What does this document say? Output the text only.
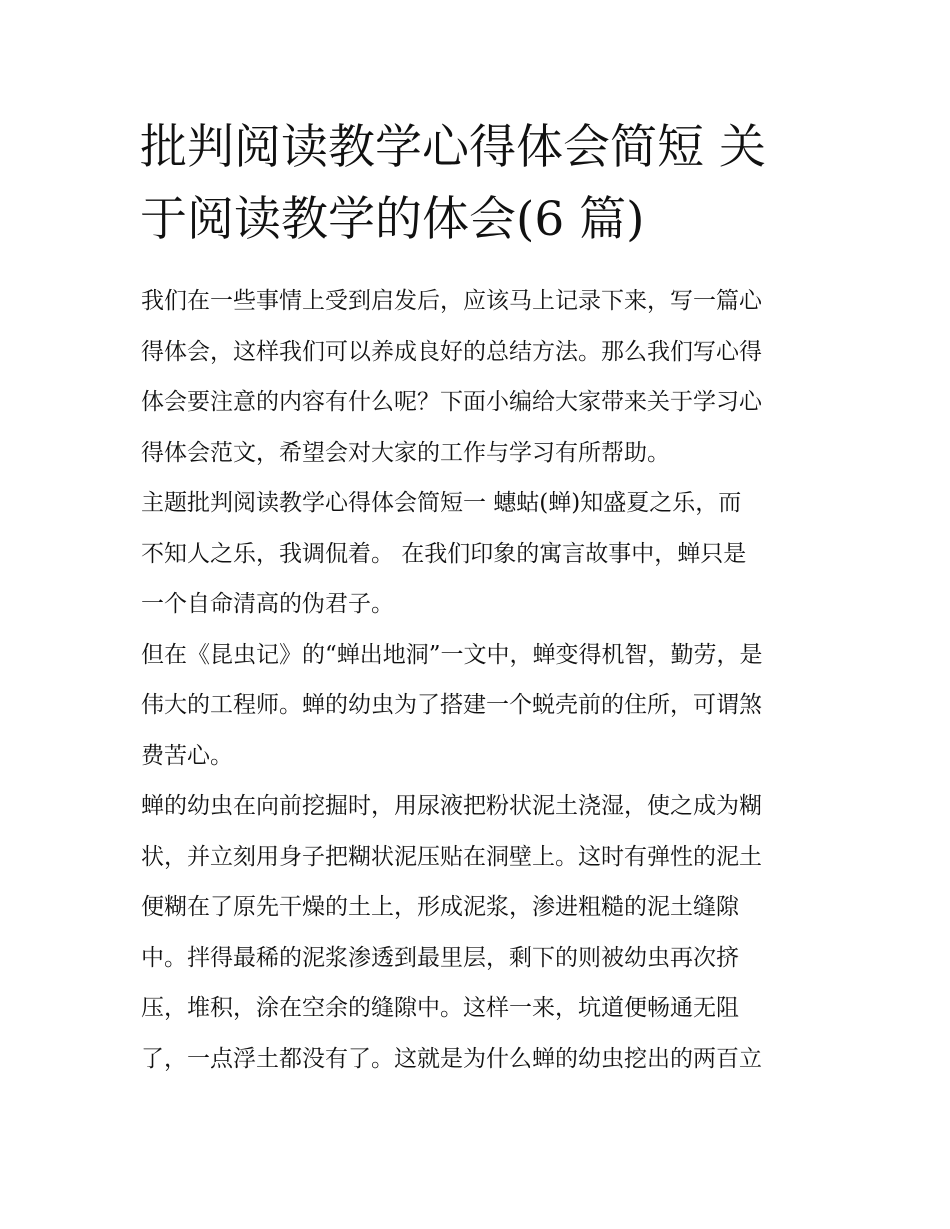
批判阅读教学心得体会简短 关
于阅读教学的体会(6 篇)

我们在一些事情上受到启发后，应该马上记录下来，写一篇心
得体会，这样我们可以养成良好的总结方法。那么我们写心得
体会要注意的内容有什么呢？下面小编给大家带来关于学习心
得体会范文，希望会对大家的工作与学习有所帮助。

主题批判阅读教学心得体会简短一 蟪蛄(蝉)知盛夏之乐，而
不知人之乐，我调侃着。 在我们印象的寓言故事中，蝉只是
一个自命清高的伪君子。

但在《昆虫记》的“蝉出地洞”一文中，蝉变得机智，勤劳，是
伟大的工程师。蝉的幼虫为了搭建一个蜕壳前的住所，可谓煞
费苦心。

蝉的幼虫在向前挖掘时，用尿液把粉状泥土浇湿，使之成为糊
状，并立刻用身子把糊状泥压贴在洞壁上。这时有弹性的泥土
便糊在了原先干燥的土上，形成泥浆，渗进粗糙的泥土缝隙
中。拌得最稀的泥浆渗透到最里层，剩下的则被幼虫再次挤
压，堆积，涂在空余的缝隙中。这样一来，坑道便畅通无阻
了，一点浮土都没有了。这就是为什么蝉的幼虫挖出的两百立
